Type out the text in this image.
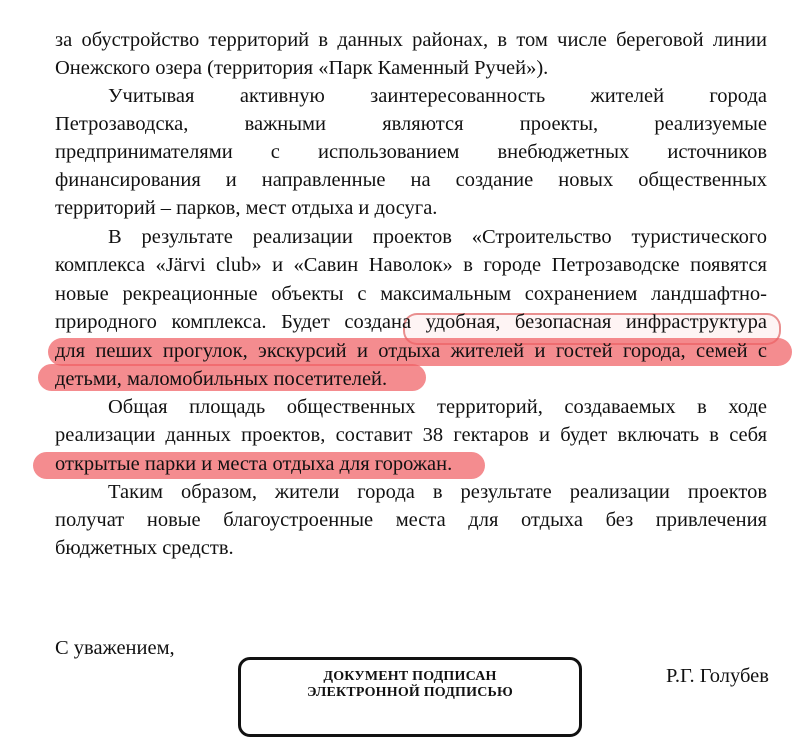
за обустройство территорий в данных районах, в том числе береговой линии
Онежского озера (территория «Парк Каменный Ручей»).
Учитывая активную заинтересованность жителей города
Петрозаводска, важными являются проекты, реализуемые
предпринимателями с использованием внебюджетных источников
финансирования и направленные на создание новых общественных
территорий – парков, мест отдыха и досуга.
В результате реализации проектов «Строительство туристического
комплекса «Järvi club» и «Савин Наволок» в городе Петрозаводске появятся
новые рекреационные объекты с максимальным сохранением ландшафтно-
природного комплекса. Будет создана удобная, безопасная инфраструктура
для пеших прогулок, экскурсий и отдыха жителей и гостей города, семей с
детьми, маломобильных посетителей.
Общая площадь общественных территорий, создаваемых в ходе
реализации данных проектов, составит 38 гектаров и будет включать в себя
открытые парки и места отдыха для горожан.
Таким образом, жители города в результате реализации проектов
получат новые благоустроенные места для отдыха без привлечения
бюджетных средств.
С уважением,
Р.Г. Голубев
ДОКУМЕНТ ПОДПИСАН
ЭЛЕКТРОННОЙ ПОДПИСЬЮ
